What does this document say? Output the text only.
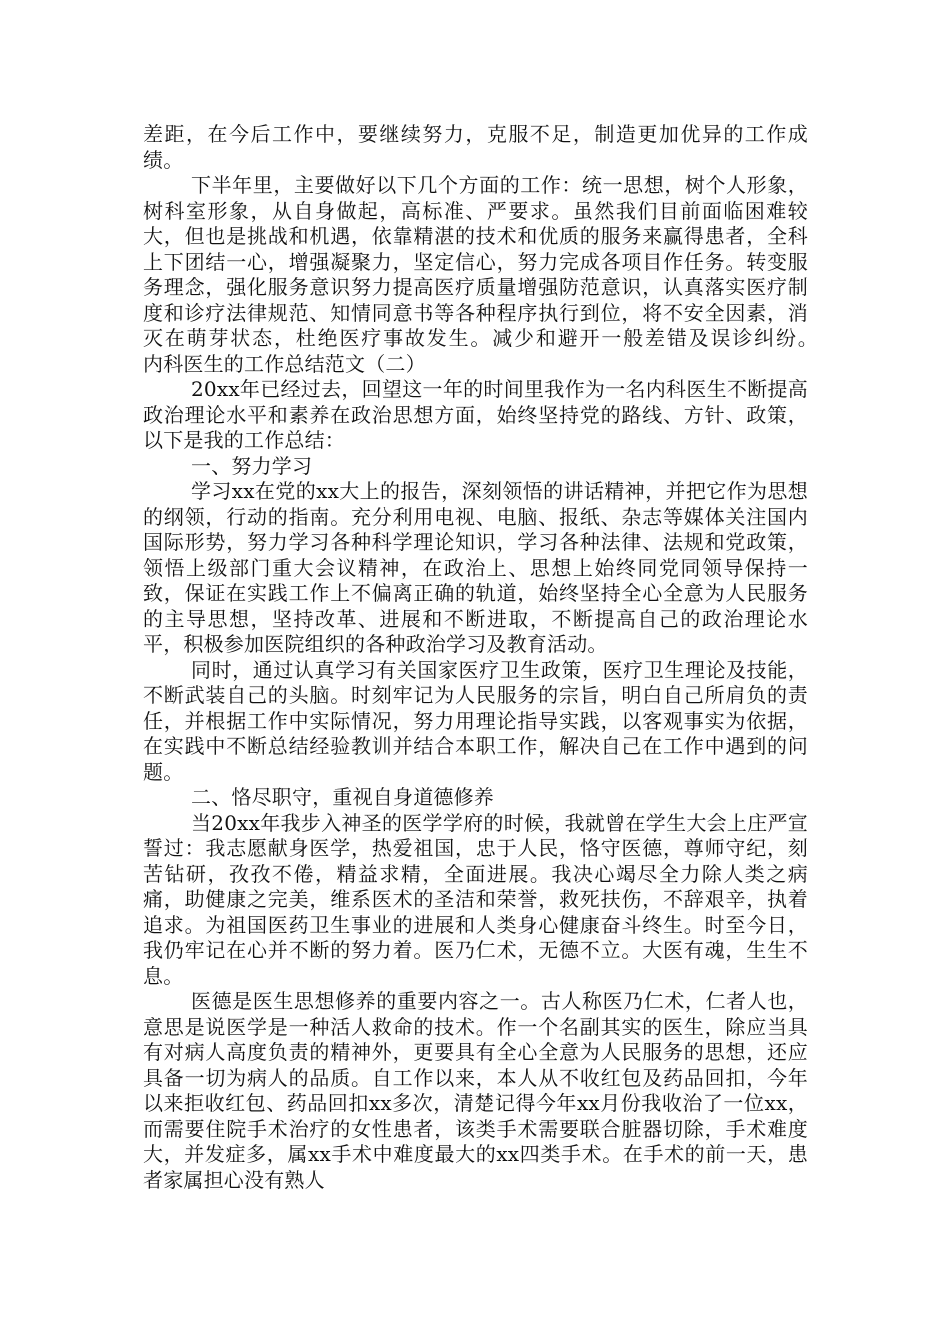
差距，在今后工作中，要继续努力，克服不足，制造更加优异的工作成绩。

下半年里，主要做好以下几个方面的工作：统一思想，树个人形象，树科室形象，从自身做起，高标准、严要求。虽然我们目前面临困难较大，但也是挑战和机遇，依靠精湛的技术和优质的服务来赢得患者，全科上下团结一心，增强凝聚力，坚定信心，努力完成各项目作任务。转变服务理念，强化服务意识努力提高医疗质量增强防范意识，认真落实医疗制度和诊疗法律规范、知情同意书等各种程序执行到位，将不安全因素，消灭在萌芽状态，杜绝医疗事故发生。减少和避开一般差错及误诊纠纷。　　内科医生的工作总结范文（二）

20xx年已经过去，回望这一年的时间里我作为一名内科医生不断提高政治理论水平和素养在政治思想方面，始终坚持党的路线、方针、政策，以下是我的工作总结：

一、努力学习

学习xx在党的xx大上的报告，深刻领悟的讲话精神，并把它作为思想的纲领，行动的指南。充分利用电视、电脑、报纸、杂志等媒体关注国内国际形势，努力学习各种科学理论知识，学习各种法律、法规和党政策，领悟上级部门重大会议精神，在政治上、思想上始终同党同领导保持一致，保证在实践工作上不偏离正确的轨道，始终坚持全心全意为人民服务的主导思想，坚持改革、进展和不断进取，不断提高自己的政治理论水平，积极参加医院组织的各种政治学习及教育活动。

同时，通过认真学习有关国家医疗卫生政策，医疗卫生理论及技能，不断武装自己的头脑。时刻牢记为人民服务的宗旨，明白自己所肩负的责任，并根据工作中实际情况，努力用理论指导实践，以客观事实为依据，在实践中不断总结经验教训并结合本职工作，解决自己在工作中遇到的问题。

二、恪尽职守，重视自身道德修养

当20xx年我步入神圣的医学学府的时候，我就曾在学生大会上庄严宣誓过：我志愿献身医学，热爱祖国，忠于人民，恪守医德，尊师守纪，刻苦钻研，孜孜不倦，精益求精，全面进展。我决心竭尽全力除人类之病痛，助健康之完美，维系医术的圣洁和荣誉，救死扶伤，不辞艰辛，执着追求。为祖国医药卫生事业的进展和人类身心健康奋斗终生。时至今日，我仍牢记在心并不断的努力着。医乃仁术，无德不立。大医有魂，生生不息。

医德是医生思想修养的重要内容之一。古人称医乃仁术，仁者人也，意思是说医学是一种活人救命的技术。作一个名副其实的医生，除应当具有对病人高度负责的精神外，更要具有全心全意为人民服务的思想，还应具备一切为病人的品质。自工作以来，本人从不收红包及药品回扣，今年以来拒收红包、药品回扣xx多次，清楚记得今年xx月份我收治了一位xx，而需要住院手术治疗的女性患者，该类手术需要联合脏器切除，手术难度大，并发症多，属xx手术中难度最大的xx四类手术。在手术的前一天，患者家属担心没有熟人
